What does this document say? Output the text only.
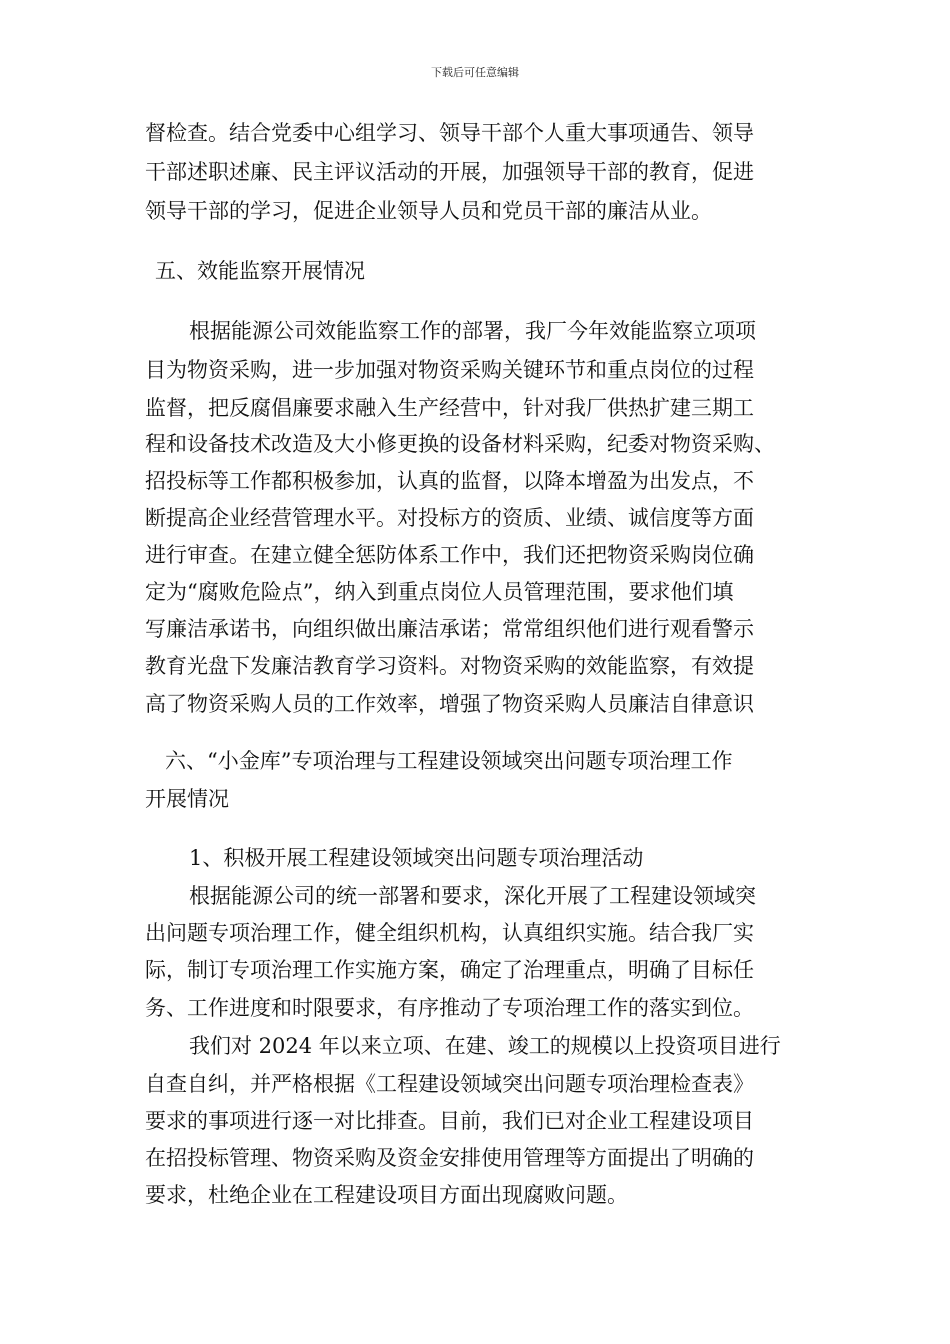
下载后可任意编辑
督检查。结合党委中心组学习、领导干部个人重大事项通告、领导
干部述职述廉、民主评议活动的开展，加强领导干部的教育，促进
领导干部的学习，促进企业领导人员和党员干部的廉洁从业。
五、效能监察开展情况
根据能源公司效能监察工作的部署，我厂今年效能监察立项项
目为物资采购，进一步加强对物资采购关键环节和重点岗位的过程
监督，把反腐倡廉要求融入生产经营中，针对我厂供热扩建三期工
程和设备技术改造及大小修更换的设备材料采购，纪委对物资采购、
招投标等工作都积极参加，认真的监督，以降本增盈为出发点，不
断提高企业经营管理水平。对投标方的资质、业绩、诚信度等方面
进行审查。在建立健全惩防体系工作中，我们还把物资采购岗位确
定为“腐败危险点”，纳入到重点岗位人员管理范围，要求他们填
写廉洁承诺书，向组织做出廉洁承诺；常常组织他们进行观看警示
教育光盘下发廉洁教育学习资料。对物资采购的效能监察，有效提
高了物资采购人员的工作效率，增强了物资采购人员廉洁自律意识
六、“小金库”专项治理与工程建设领域突出问题专项治理工作
开展情况
1、积极开展工程建设领域突出问题专项治理活动
根据能源公司的统一部署和要求，深化开展了工程建设领域突
出问题专项治理工作，健全组织机构，认真组织实施。结合我厂实
际，制订专项治理工作实施方案，确定了治理重点，明确了目标任
务、工作进度和时限要求，有序推动了专项治理工作的落实到位。
我们对 2024 年以来立项、在建、竣工的规模以上投资项目进行
自查自纠，并严格根据《工程建设领域突出问题专项治理检查表》
要求的事项进行逐一对比排查。目前，我们已对企业工程建设项目
在招投标管理、物资采购及资金安排使用管理等方面提出了明确的
要求，杜绝企业在工程建设项目方面出现腐败问题。
